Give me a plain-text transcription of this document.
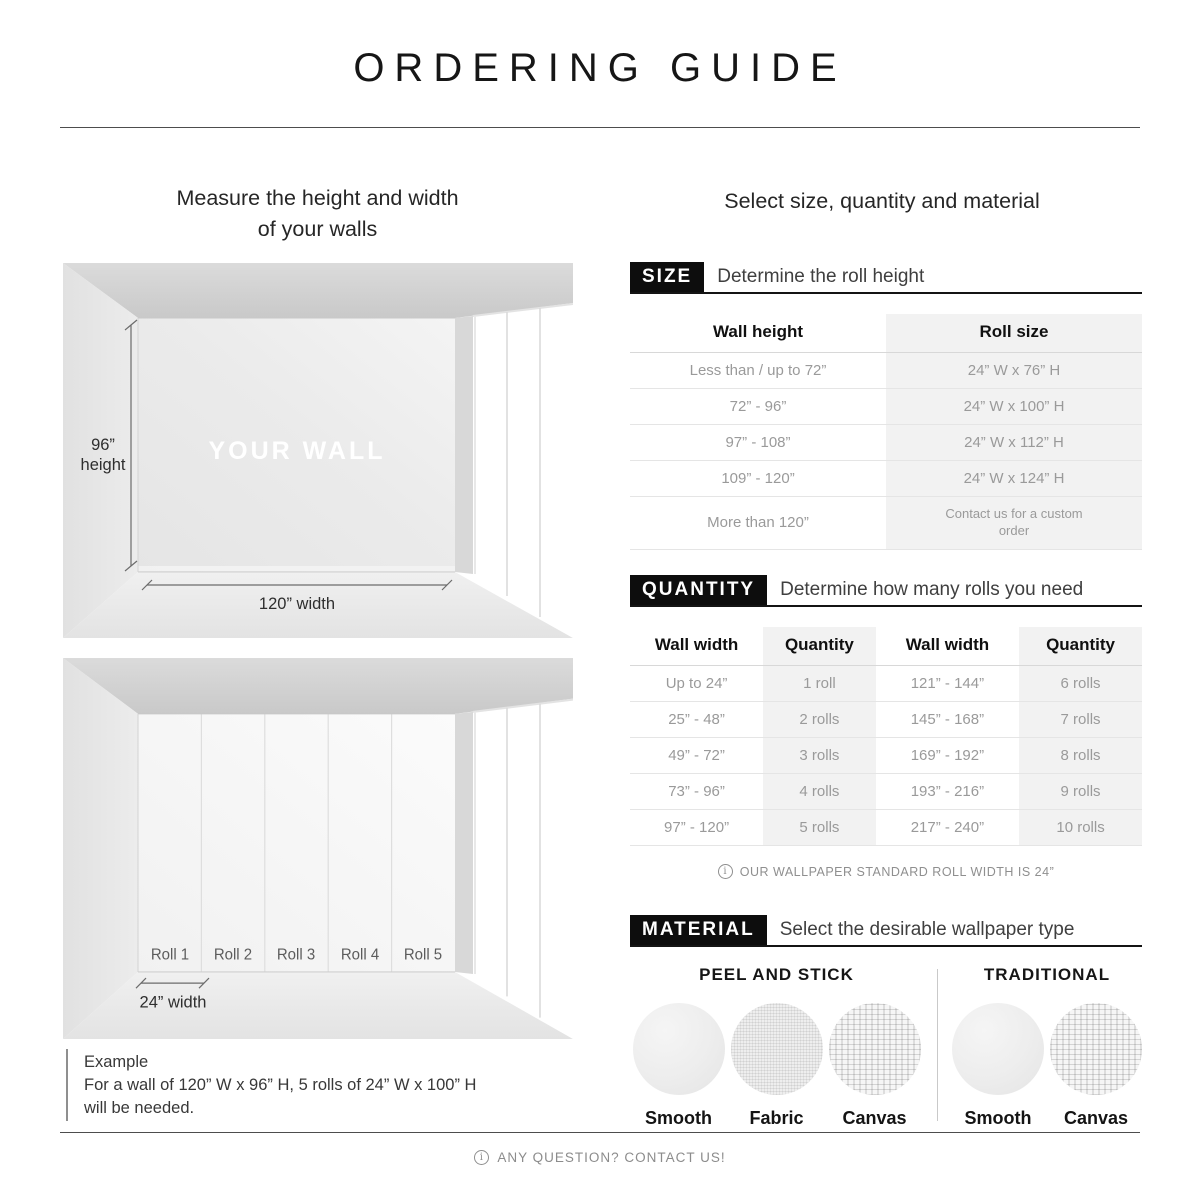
ORDERING GUIDE
Measure the height and width
of your walls
96”
height	YOUR WALL
120” width
Roll 1 Roll 2 Roll 3 Roll 4 Roll 5
24” width
Example
For a wall of 120” W x 96” H, 5 rolls of 24” W x 100” H
will be needed.
Select size, quantity and material
SIZE	Determine the roll height
Wall height	Roll size
Less than / up to 72”	24” W x 76” H
72” - 96”	24” W x 100” H
97” - 108”	24” W x 112” H
109” - 120”	24” W x 124” H
More than 120”	Contact us for a custom order
QUANTITY	Determine how many rolls you need
Wall width	Quantity	Wall width	Quantity
Up to 24”	1 roll	121” - 144”	6 rolls
25” - 48”	2 rolls	145” - 168”	7 rolls
49” - 72”	3 rolls	169” - 192”	8 rolls
73” - 96”	4 rolls	193” - 216”	9 rolls
97” - 120”	5 rolls	217” - 240”	10 rolls
i
OUR WALLPAPER STANDARD ROLL WIDTH IS 24”
MATERIAL	Select the desirable wallpaper type
PEEL AND STICK
Smooth	Fabric	Canvas
TRADITIONAL
Smooth	Canvas
i
ANY QUESTION? CONTACT US!
